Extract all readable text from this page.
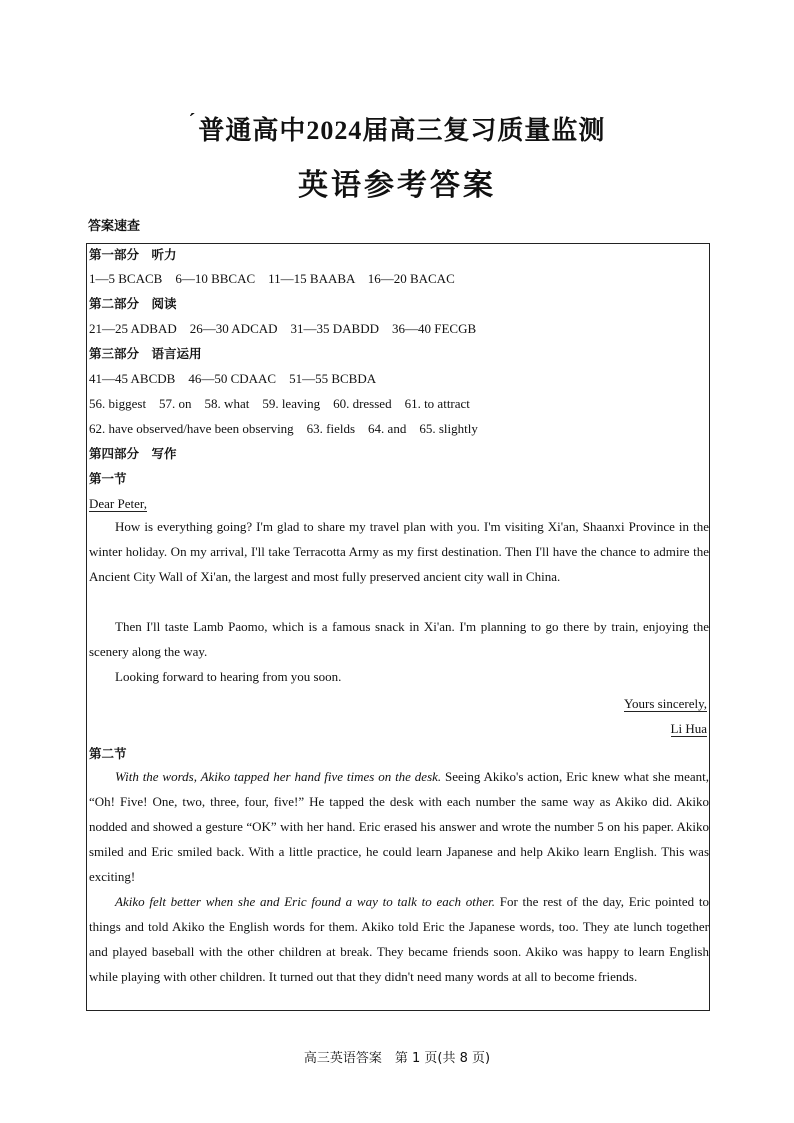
$^ˊ$普通高中2024届高三复习质量监测
英语参考答案
答案速查
第一部分　听力
1—5 BCACB　6—10 BBCAC　11—15 BAABA　16—20 BACAC
第二部分　阅读
21—25 ADBAD　26—30 ADCAD　31—35 DABDD　36—40 FECGB
第三部分　语言运用
41—45 ABCDB　46—50 CDAAC　51—55 BCBDA
56. biggest　57. on　58. what　59. leaving　60. dressed　61. to attract
62. have observed/have been observing　63. fields　64. and　65. slightly
第四部分　写作
第一节
Dear Peter,
How is everything going? I'm glad to share my travel plan with you. I'm visiting Xi'an, Shaanxi Province in the winter holiday. On my arrival, I'll take Terracotta Army as my first destination. Then I'll have the chance to admire the Ancient City Wall of Xi'an, the largest and most fully preserved ancient city wall in China.
Then I'll taste Lamb Paomo, which is a famous snack in Xi'an. I'm planning to go there by train, enjoying the scenery along the way.
Looking forward to hearing from you soon.
Yours sincerely,
Li Hua
第二节
With the words, Akiko tapped her hand five times on the desk. Seeing Akiko's action, Eric knew what she meant, “Oh! Five! One, two, three, four, five!” He tapped the desk with each number the same way as Akiko did. Akiko nodded and showed a gesture “OK” with her hand. Eric erased his answer and wrote the number 5 on his paper. Akiko smiled and Eric smiled back. With a little practice, he could learn Japanese and help Akiko learn English. This was exciting!
Akiko felt better when she and Eric found a way to talk to each other. For the rest of the day, Eric pointed to things and told Akiko the English words for them. Akiko told Eric the Japanese words, too. They ate lunch together and played baseball with the other children at break. They became friends soon. Akiko was happy to learn English while playing with other children. It turned out that they didn't need many words at all to become friends.
高三英语答案　第 1 页(共 8 页)
